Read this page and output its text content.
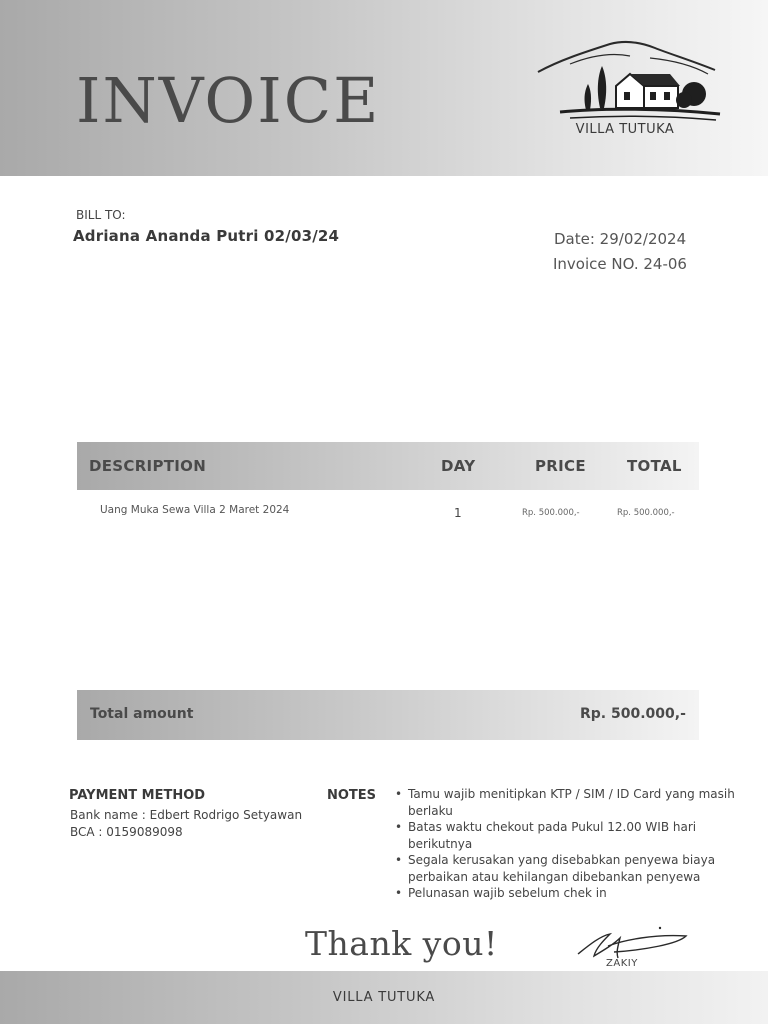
INVOICE	VILLA TUTUKA
BILL TO:
Adriana Ananda Putri 02/03/24	Date: 29/02/2024
Invoice NO. 24-06
DESCRIPTION	DAY	PRICE	TOTAL
Uang Muka Sewa Villa 2 Maret 2024	1	Rp. 500.000,-	Rp. 500.000,-
Total amount	Rp. 500.000,-
PAYMENT METHOD
Bank name : Edbert Rodrigo Setyawan
BCA : 0159089098
NOTES
•	Tamu wajib menitipkan KTP / SIM / ID Card yang masih berlaku
• Batas waktu chekout pada Pukul 12.00 WIB hari berikutnya
• Segala kerusakan yang disebabkan penyewa biaya perbaikan atau kehilangan dibebankan penyewa
• Pelunasan wajib sebelum chek in
Thank you!
ZAKIY
VILLA TUTUKA
